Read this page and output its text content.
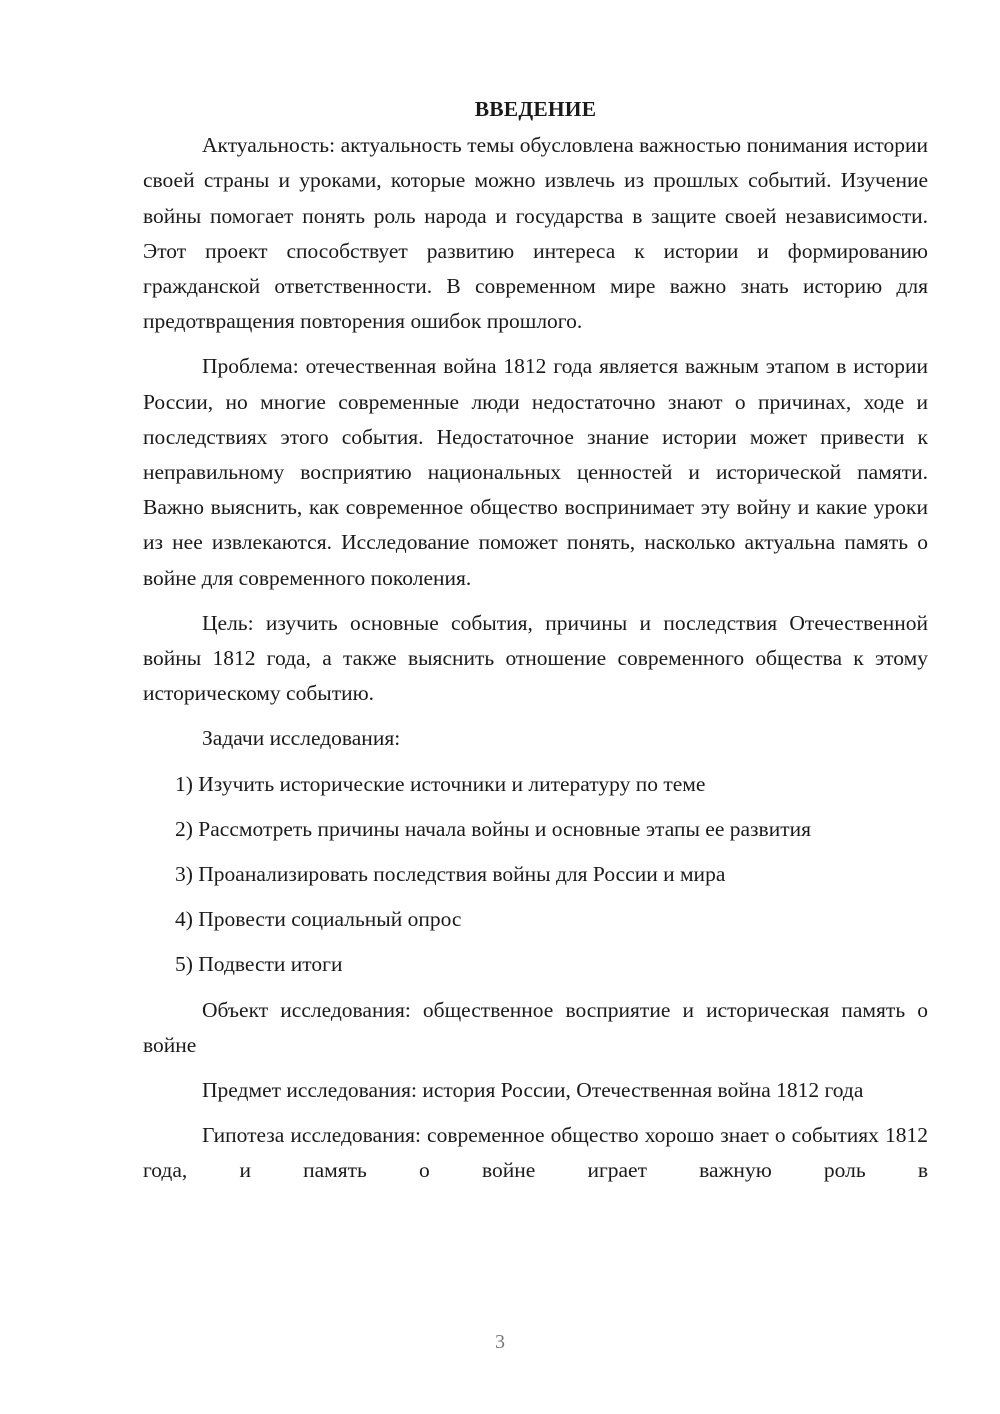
ВВЕДЕНИЕ

Актуальность: актуальность темы обусловлена важностью понимания истории своей страны и уроками, которые можно извлечь из прошлых событий. Изучение войны помогает понять роль народа и государства в защите своей независимости. Этот проект способствует развитию интереса к истории и формированию гражданской ответственности. В современном мире важно знать историю для предотвращения повторения ошибок прошлого.

Проблема: отечественная война 1812 года является важным этапом в истории России, но многие современные люди недостаточно знают о причинах, ходе и последствиях этого события. Недостаточное знание истории может привести к неправильному восприятию национальных ценностей и исторической памяти. Важно выяснить, как современное общество воспринимает эту войну и какие уроки из нее извлекаются. Исследование поможет понять, насколько актуальна память о войне для современного поколения.

Цель: изучить основные события, причины и последствия Отечественной войны 1812 года, а также выяснить отношение современного общества к этому историческому событию.

Задачи исследования:

1) Изучить исторические источники и литературу по теме
2) Рассмотреть причины начала войны и основные этапы ее развития
3) Проанализировать последствия войны для России и мира
4) Провести социальный опрос
5) Подвести итоги

Объект исследования: общественное восприятие и историческая память о войне

Предмет исследования: история России, Отечественная война 1812 года

Гипотеза исследования: современное общество хорошо знает о событиях 1812 года, и память о войне играет важную роль в

3
